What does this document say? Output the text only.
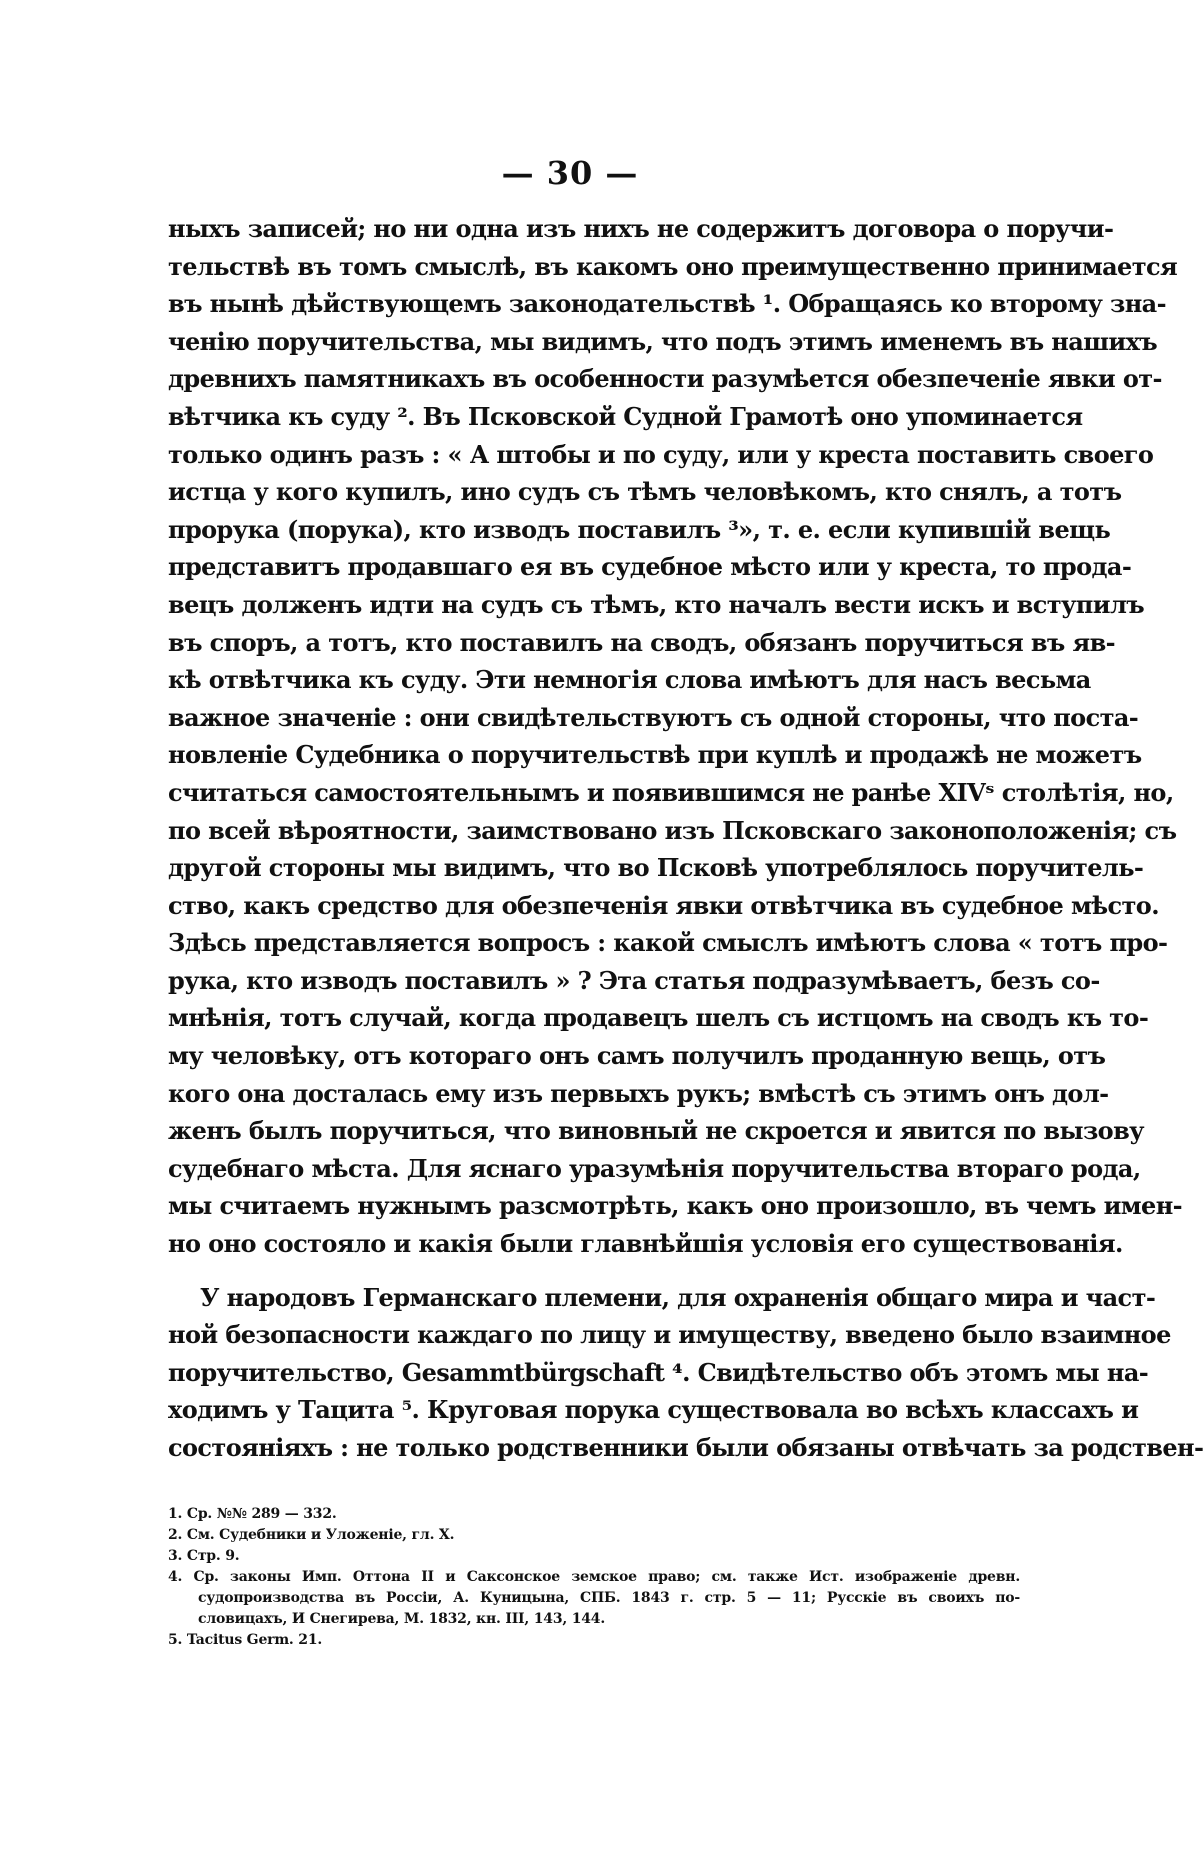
— 30 —
ныхъ записей; но ни одна изъ нихъ не содержитъ договора о поручи-
тельствѣ въ томъ смыслѣ, въ какомъ оно преимущественно принимается
въ нынѣ дѣйствующемъ законодательствѣ ¹. Обращаясь ко второму зна-
ченію поручительства, мы видимъ, что подъ этимъ именемъ въ нашихъ
древнихъ памятникахъ въ особенности разумѣется обезпеченіе явки от-
вѣтчика къ суду ². Въ Псковской Судной Грамотѣ оно упоминается
только одинъ разъ : « А штобы и по суду, или у креста поставить своего
истца у кого купилъ, ино судъ съ тѣмъ человѣкомъ, кто снялъ, а тотъ
прорука (порука), кто изводъ поставилъ ³», т. е. если купившій вещь
представитъ продавшаго ея въ судебное мѣсто или у креста, то прода-
вецъ долженъ идти на судъ съ тѣмъ, кто началъ вести искъ и вступилъ
въ споръ, а тотъ, кто поставилъ на сводъ, обязанъ поручиться въ яв-
кѣ отвѣтчика къ суду. Эти немногія слова имѣютъ для насъ весьма
важное значеніе : они свидѣтельствуютъ съ одной стороны, что поста-
новленіе Судебника о поручительствѣ при куплѣ и продажѣ не можетъ
считаться самостоятельнымъ и появившимся не ранѣе XIVˢ столѣтія, но,
по всей вѣроятности, заимствовано изъ Псковскаго законоположенія; съ
другой стороны мы видимъ, что во Псковѣ употреблялось поручитель-
ство, какъ средство для обезпеченія явки отвѣтчика въ судебное мѣсто.
Здѣсь представляется вопросъ : какой смыслъ имѣютъ слова « тотъ про-
рука, кто изводъ поставилъ » ? Эта статья подразумѣваетъ, безъ со-
мнѣнія, тотъ случай, когда продавецъ шелъ съ истцомъ на сводъ къ то-
му человѣку, отъ котораго онъ самъ получилъ проданную вещь, отъ
кого она досталась ему изъ первыхъ рукъ; вмѣстѣ съ этимъ онъ дол-
женъ былъ поручиться, что виновный не скроется и явится по вызову
судебнаго мѣста. Для яснаго уразумѣнія поручительства втораго рода,
мы считаемъ нужнымъ разсмотрѣть, какъ оно произошло, въ чемъ имен-
но оно состояло и какія были главнѣйшія условія его существованія.
У народовъ Германскаго племени, для охраненія общаго мира и част-
ной безопасности каждаго по лицу и имуществу, введено было взаимное
поручительство, Gesammtbürgschaft ⁴. Свидѣтельство объ этомъ мы на-
ходимъ у Тацита ⁵. Круговая порука существовала во всѣхъ классахъ и
состояніяхъ : не только родственники были обязаны отвѣчать за родствен-
1. Ср. №№ 289 — 332.
2. См. Судебники и Уложеніе, гл. X.
3. Стр. 9.
4. Ср. законы Имп. Оттона II и Саксонское земское право; см. также Ист. изображеніе древн.
судопроизводства въ Россіи, А. Куницына, СПБ. 1843 г. стр. 5 — 11; Русскіе въ своихъ по-
словицахъ, И Снегирева, М. 1832, кн. III, 143, 144.
5. Tacitus Germ. 21.
